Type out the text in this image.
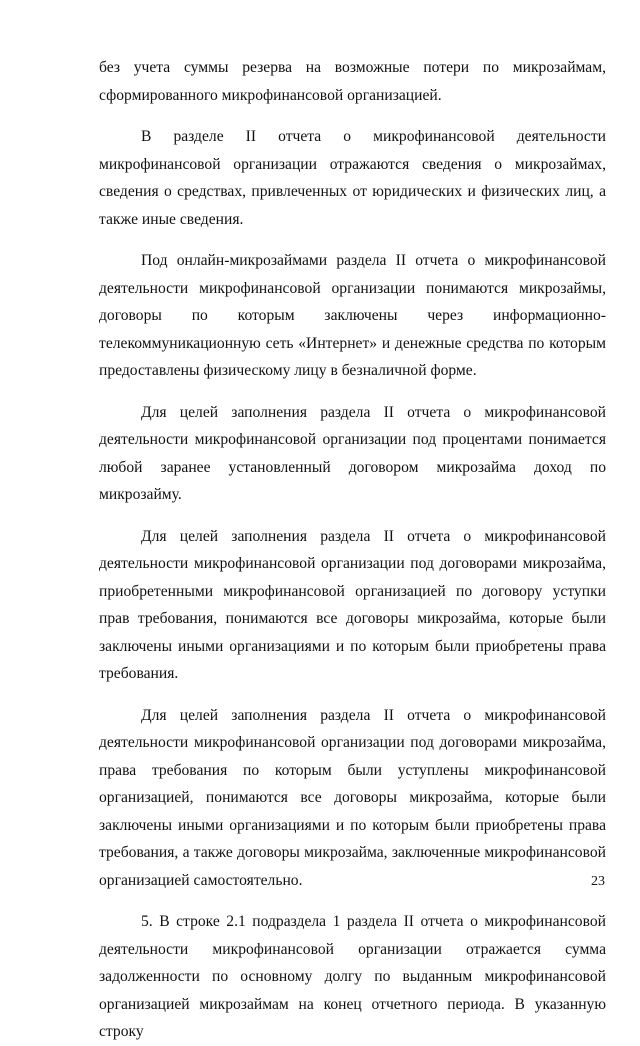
без учета суммы резерва на возможные потери по микрозаймам, сформированного микрофинансовой организацией.

В разделе II отчета о микрофинансовой деятельности микрофинансовой организации отражаются сведения о микрозаймах, сведения о средствах, привлеченных от юридических и физических лиц, а также иные сведения.

Под онлайн-микрозаймами раздела II отчета о микрофинансовой деятельности микрофинансовой организации понимаются микрозаймы, договоры по которым заключены через информационно-телекоммуникационную сеть «Интернет» и денежные средства по которым предоставлены физическому лицу в безналичной форме.

Для целей заполнения раздела II отчета о микрофинансовой деятельности микрофинансовой организации под процентами понимается любой заранее установленный договором микрозайма доход по микрозайму.

Для целей заполнения раздела II отчета о микрофинансовой деятельности микрофинансовой организации под договорами микрозайма, приобретенными микрофинансовой организацией по договору уступки прав требования, понимаются все договоры микрозайма, которые были заключены иными организациями и по которым были приобретены права требования.

Для целей заполнения раздела II отчета о микрофинансовой деятельности микрофинансовой организации под договорами микрозайма, права требования по которым были уступлены микрофинансовой организацией, понимаются все договоры микрозайма, которые были заключены иными организациями и по которым были приобретены права требования, а также договоры микрозайма, заключенные микрофинансовой организацией самостоятельно.

5. В строке 2.1 подраздела 1 раздела II отчета о микрофинансовой деятельности микрофинансовой организации отражается сумма задолженности по основному долгу по выданным микрофинансовой организацией микрозаймам на конец отчетного периода. В указанную строку

23
